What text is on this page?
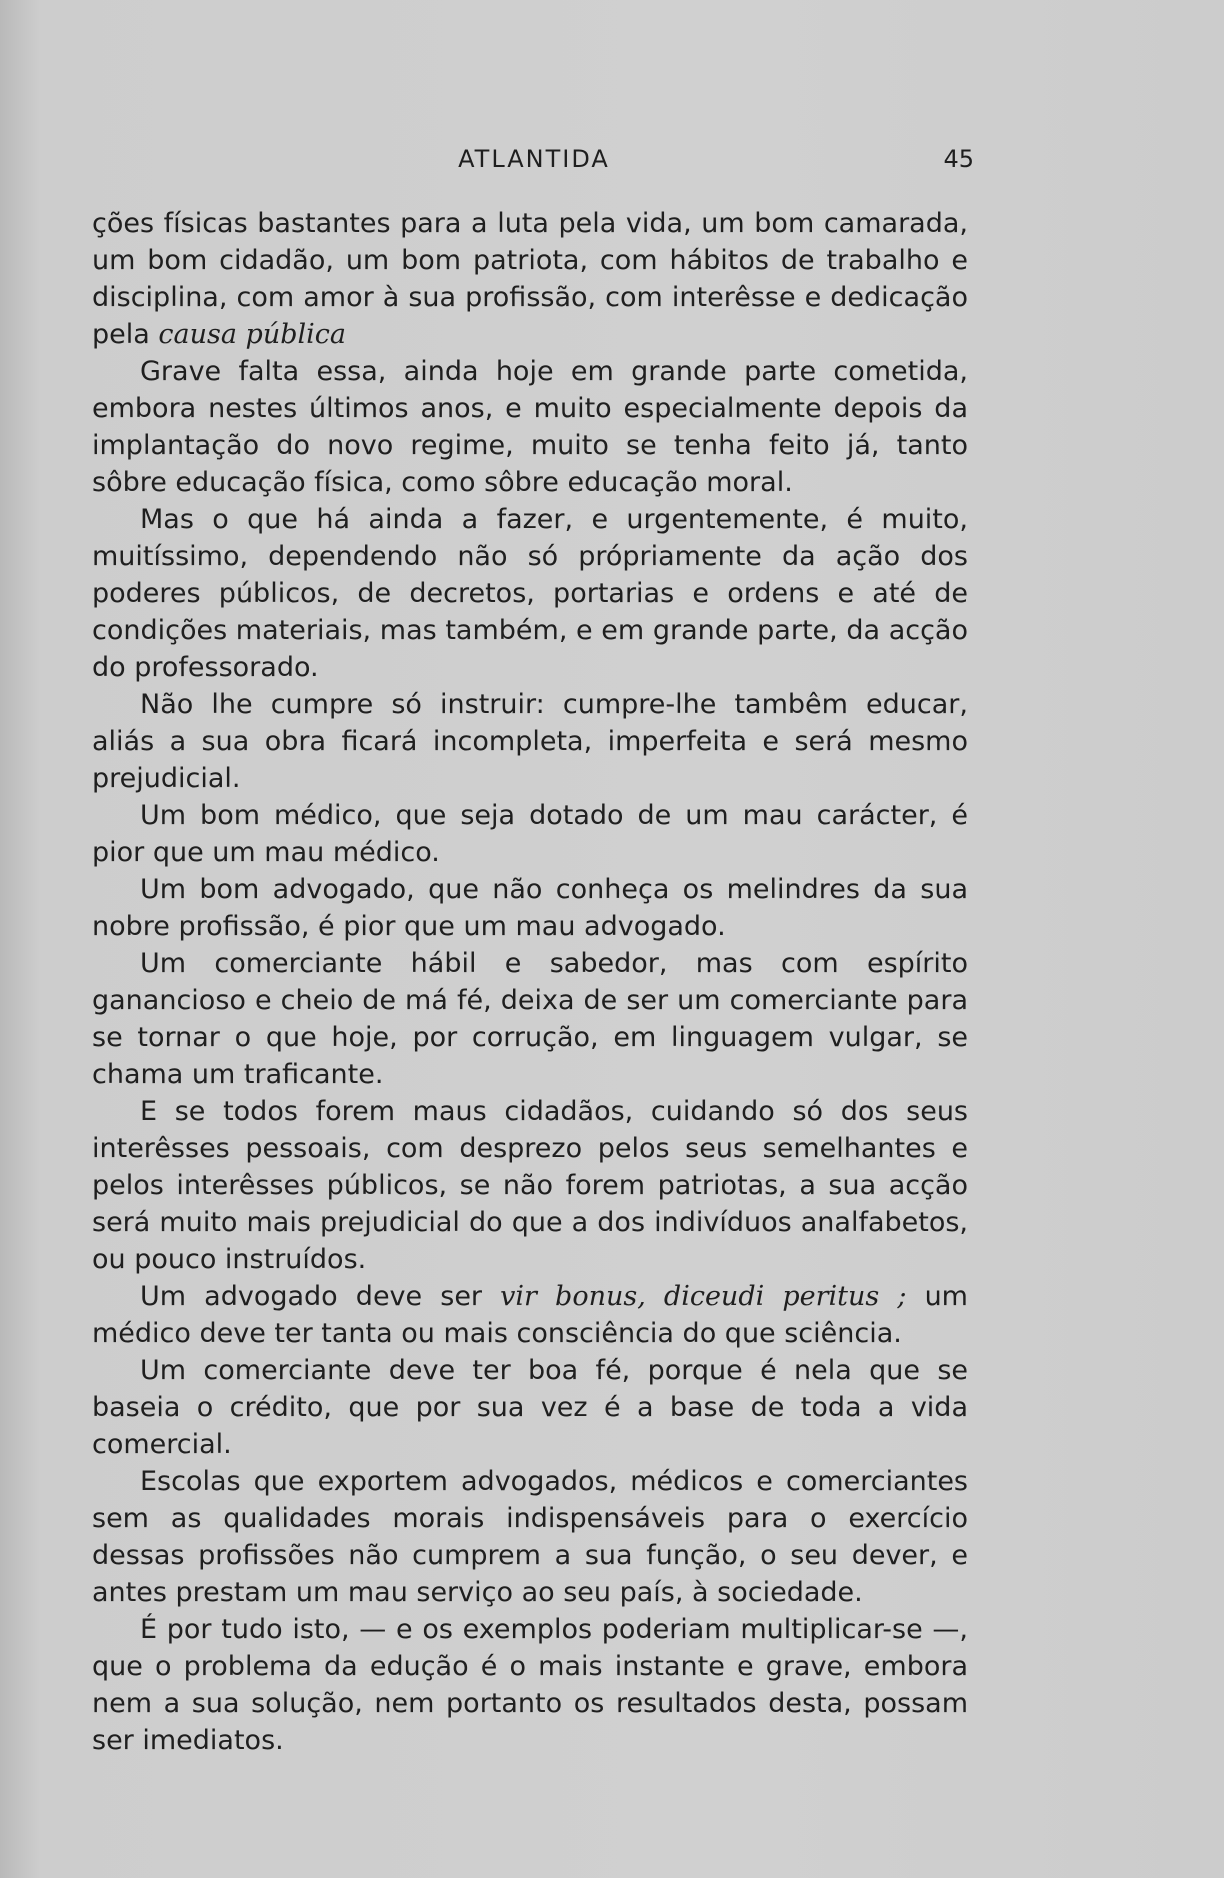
ATLANTIDA	45

ções físicas bastantes para a luta pela vida, um bom camarada, um bom cidadão, um bom patriota, com hábitos de trabalho e disciplina, com amor à sua profissão, com interêsse e dedicação pela causa pública

Grave falta essa, ainda hoje em grande parte cometida, embora nestes últimos anos, e muito especialmente depois da implantação do novo regime, muito se tenha feito já, tanto sôbre educação física, como sôbre educação moral.

Mas o que há ainda a fazer, e urgentemente, é muito, muitíssimo, dependendo não só própriamente da ação dos poderes públicos, de decretos, portarias e ordens e até de condições materiais, mas também, e em grande parte, da acção do professorado.

Não lhe cumpre só instruir: cumpre-lhe tambêm educar, aliás a sua obra ficará incompleta, imperfeita e será mesmo prejudicial.

Um bom médico, que seja dotado de um mau carácter, é pior que um mau médico.

Um bom advogado, que não conheça os melindres da sua nobre profissão, é pior que um mau advogado.

Um comerciante hábil e sabedor, mas com espírito ganancioso e cheio de má fé, deixa de ser um comerciante para se tornar o que hoje, por corrução, em linguagem vulgar, se chama um traficante.

E se todos forem maus cidadãos, cuidando só dos seus interêsses pessoais, com desprezo pelos seus semelhantes e pelos interêsses públicos, se não forem patriotas, a sua acção será muito mais prejudicial do que a dos indivíduos analfabetos, ou pouco instruídos.

Um advogado deve ser vir bonus, diceudi peritus ; um médico deve ter tanta ou mais consciência do que sciência.

Um comerciante deve ter boa fé, porque é nela que se baseia o crédito, que por sua vez é a base de toda a vida comercial.

Escolas que exportem advogados, médicos e comerciantes sem as qualidades morais indispensáveis para o exercício dessas profissões não cumprem a sua função, o seu dever, e antes prestam um mau serviço ao seu país, à sociedade.

É por tudo isto, — e os exemplos poderiam multiplicar-se —, que o problema da edução é o mais instante e grave, embora nem a sua solução, nem portanto os resultados desta, possam ser imediatos.
